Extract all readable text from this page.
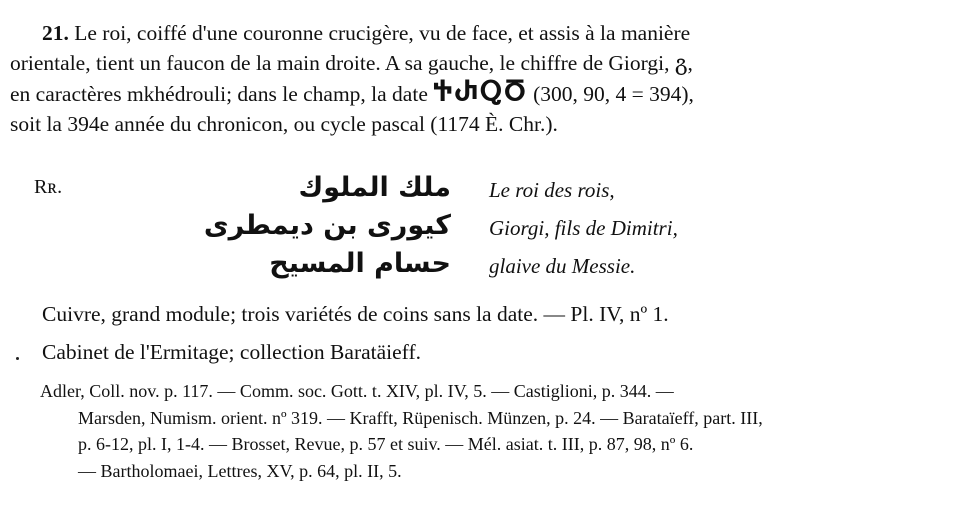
21. Le roi, coiffé d'une couronne crucigère, vu de face, et assis à la manière
orientale, tient un faucon de la main droite. A sa gauche, le chiffre de Giorgi, გ,
en caractères mkhédrouli; dans le champ, la date ႵႰႭႣ (300, 90, 4 = 394),
soit la 394e année du chronicon, ou cycle pascal (1174 È. Chr.).
Rʀ.	ملك الملوك Le roi des rois,
كيورى بن ديمطرى Giorgi, fils de Dimitri,
حسام المسيح glaive du Messie.
Cuivre, grand module; trois variétés de coins sans la date. — Pl. IV, nº 1.
Cabinet de l'Ermitage; collection Baratäieff.
Adler, Coll. nov. p. 117. — Comm. soc. Gott. t. XIV, pl. IV, 5. — Castiglioni, p. 344. —
Marsden, Numism. orient. nº 319. — Krafft, Rüpenisch. Münzen, p. 24. — Barataïeff, part. III,
p. 6-12, pl. I, 1-4. — Brosset, Revue, p. 57 et suiv. — Mél. asiat. t. III, p. 87, 98, nº 6.
— Bartholomaei, Lettres, XV, p. 64, pl. II, 5.
